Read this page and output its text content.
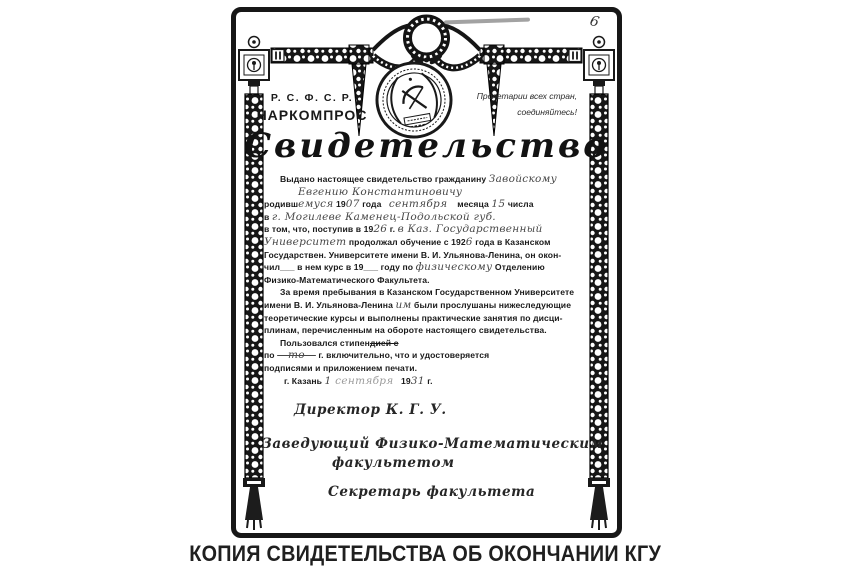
6
Р. С. Ф. С. Р.
НАРКОМПРОС
Пролетарии всех стран,
соединяйтесь!
Свидетельство
Выдано настоящее свидетельство гражданину Завойскому
Евгению Константиновичу
родившемуся 1907 года   сентября    месяца 15 числа
в г. Могилеве Каменец-Подольской губ.
в том, что, поступив в 1926 г. в Каз. Государственный
Университет продолжал обучение с 1926 года в Казанском
Государствен. Университете имени В. И. Ульянова-Ленина, он окон-
чил___ в нем курс в 19___ году по физическому Отделению
Физико-Математического Факультета.
За время пребывания в Казанском Государственном Университете
имени В. И. Ульянова-Ленина им были прослушаны нижеследующие
теоретические курсы и выполнены практические занятия по дисци-
плинам, перечисленным на обороте настоящего свидетельства.
Пользовался стипендией с
по    то    г. включительно, что и удостоверяется
подписями и приложением печати.
г. Казань 1 сентября   1931 г.
Директор К. Г. У.
Заведующий Физико-Математическим
факультетом
Секретарь факультета
КОПИЯ СВИДЕТЕЛЬСТВА ОБ ОКОНЧАНИИ КГУ
